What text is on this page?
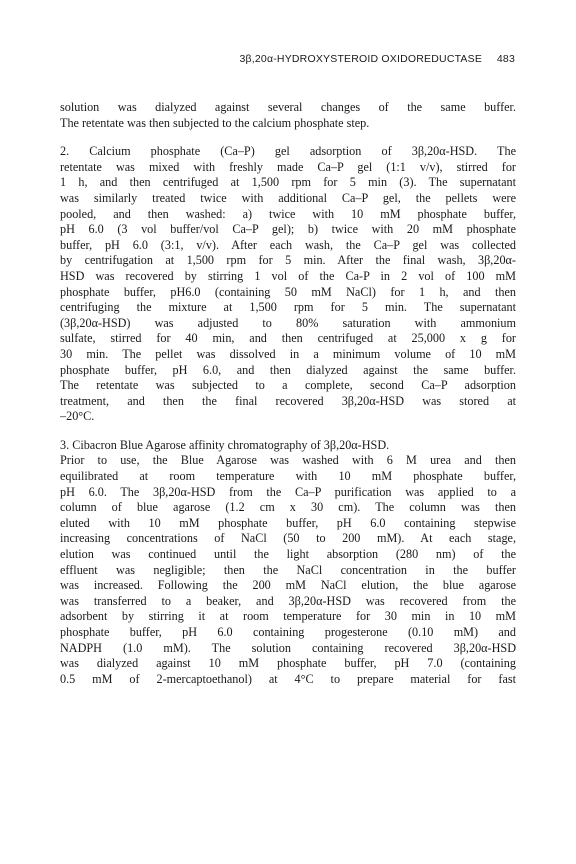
3β,20α-HYDROXYSTEROID OXIDOREDUCTASE 483
solution was dialyzed against several changes of the same buffer.
The retentate was then subjected to the calcium phosphate step.
2. Calcium phosphate (Ca–P) gel adsorption of 3β,20α-HSD. The
retentate was mixed with freshly made Ca–P gel (1:1 v/v), stirred for
1 h, and then centrifuged at 1,500 rpm for 5 min (3). The supernatant
was similarly treated twice with additional Ca–P gel, the pellets were
pooled, and then washed: a) twice with 10 mM phosphate buffer,
pH 6.0 (3 vol buffer/vol Ca–P gel); b) twice with 20 mM phosphate
buffer, pH 6.0 (3:1, v/v). After each wash, the Ca–P gel was collected
by centrifugation at 1,500 rpm for 5 min. After the final wash, 3β,20α-
HSD was recovered by stirring 1 vol of the Ca-P in 2 vol of 100 mM
phosphate buffer, pH6.0 (containing 50 mM NaCl) for 1 h, and then
centrifuging the mixture at 1,500 rpm for 5 min. The supernatant
(3β,20α-HSD) was adjusted to 80% saturation with ammonium
sulfate, stirred for 40 min, and then centrifuged at 25,000 x g for
30 min. The pellet was dissolved in a minimum volume of 10 mM
phosphate buffer, pH 6.0, and then dialyzed against the same buffer.
The retentate was subjected to a complete, second Ca–P adsorption
treatment, and then the final recovered 3β,20α-HSD was stored at
–20°C.
3. Cibacron Blue Agarose affinity chromatography of 3β,20α-HSD.
Prior to use, the Blue Agarose was washed with 6 M urea and then
equilibrated at room temperature with 10 mM phosphate buffer,
pH 6.0. The 3β,20α-HSD from the Ca–P purification was applied to a
column of blue agarose (1.2 cm x 30 cm). The column was then
eluted with 10 mM phosphate buffer, pH 6.0 containing stepwise
increasing concentrations of NaCl (50 to 200 mM). At each stage,
elution was continued until the light absorption (280 nm) of the
effluent was negligible; then the NaCl concentration in the buffer
was increased. Following the 200 mM NaCl elution, the blue agarose
was transferred to a beaker, and 3β,20α-HSD was recovered from the
adsorbent by stirring it at room temperature for 30 min in 10 mM
phosphate buffer, pH 6.0 containing progesterone (0.10 mM) and
NADPH (1.0 mM). The solution containing recovered 3β,20α-HSD
was dialyzed against 10 mM phosphate buffer, pH 7.0 (containing
0.5 mM of 2-mercaptoethanol) at 4°C to prepare material for fast
